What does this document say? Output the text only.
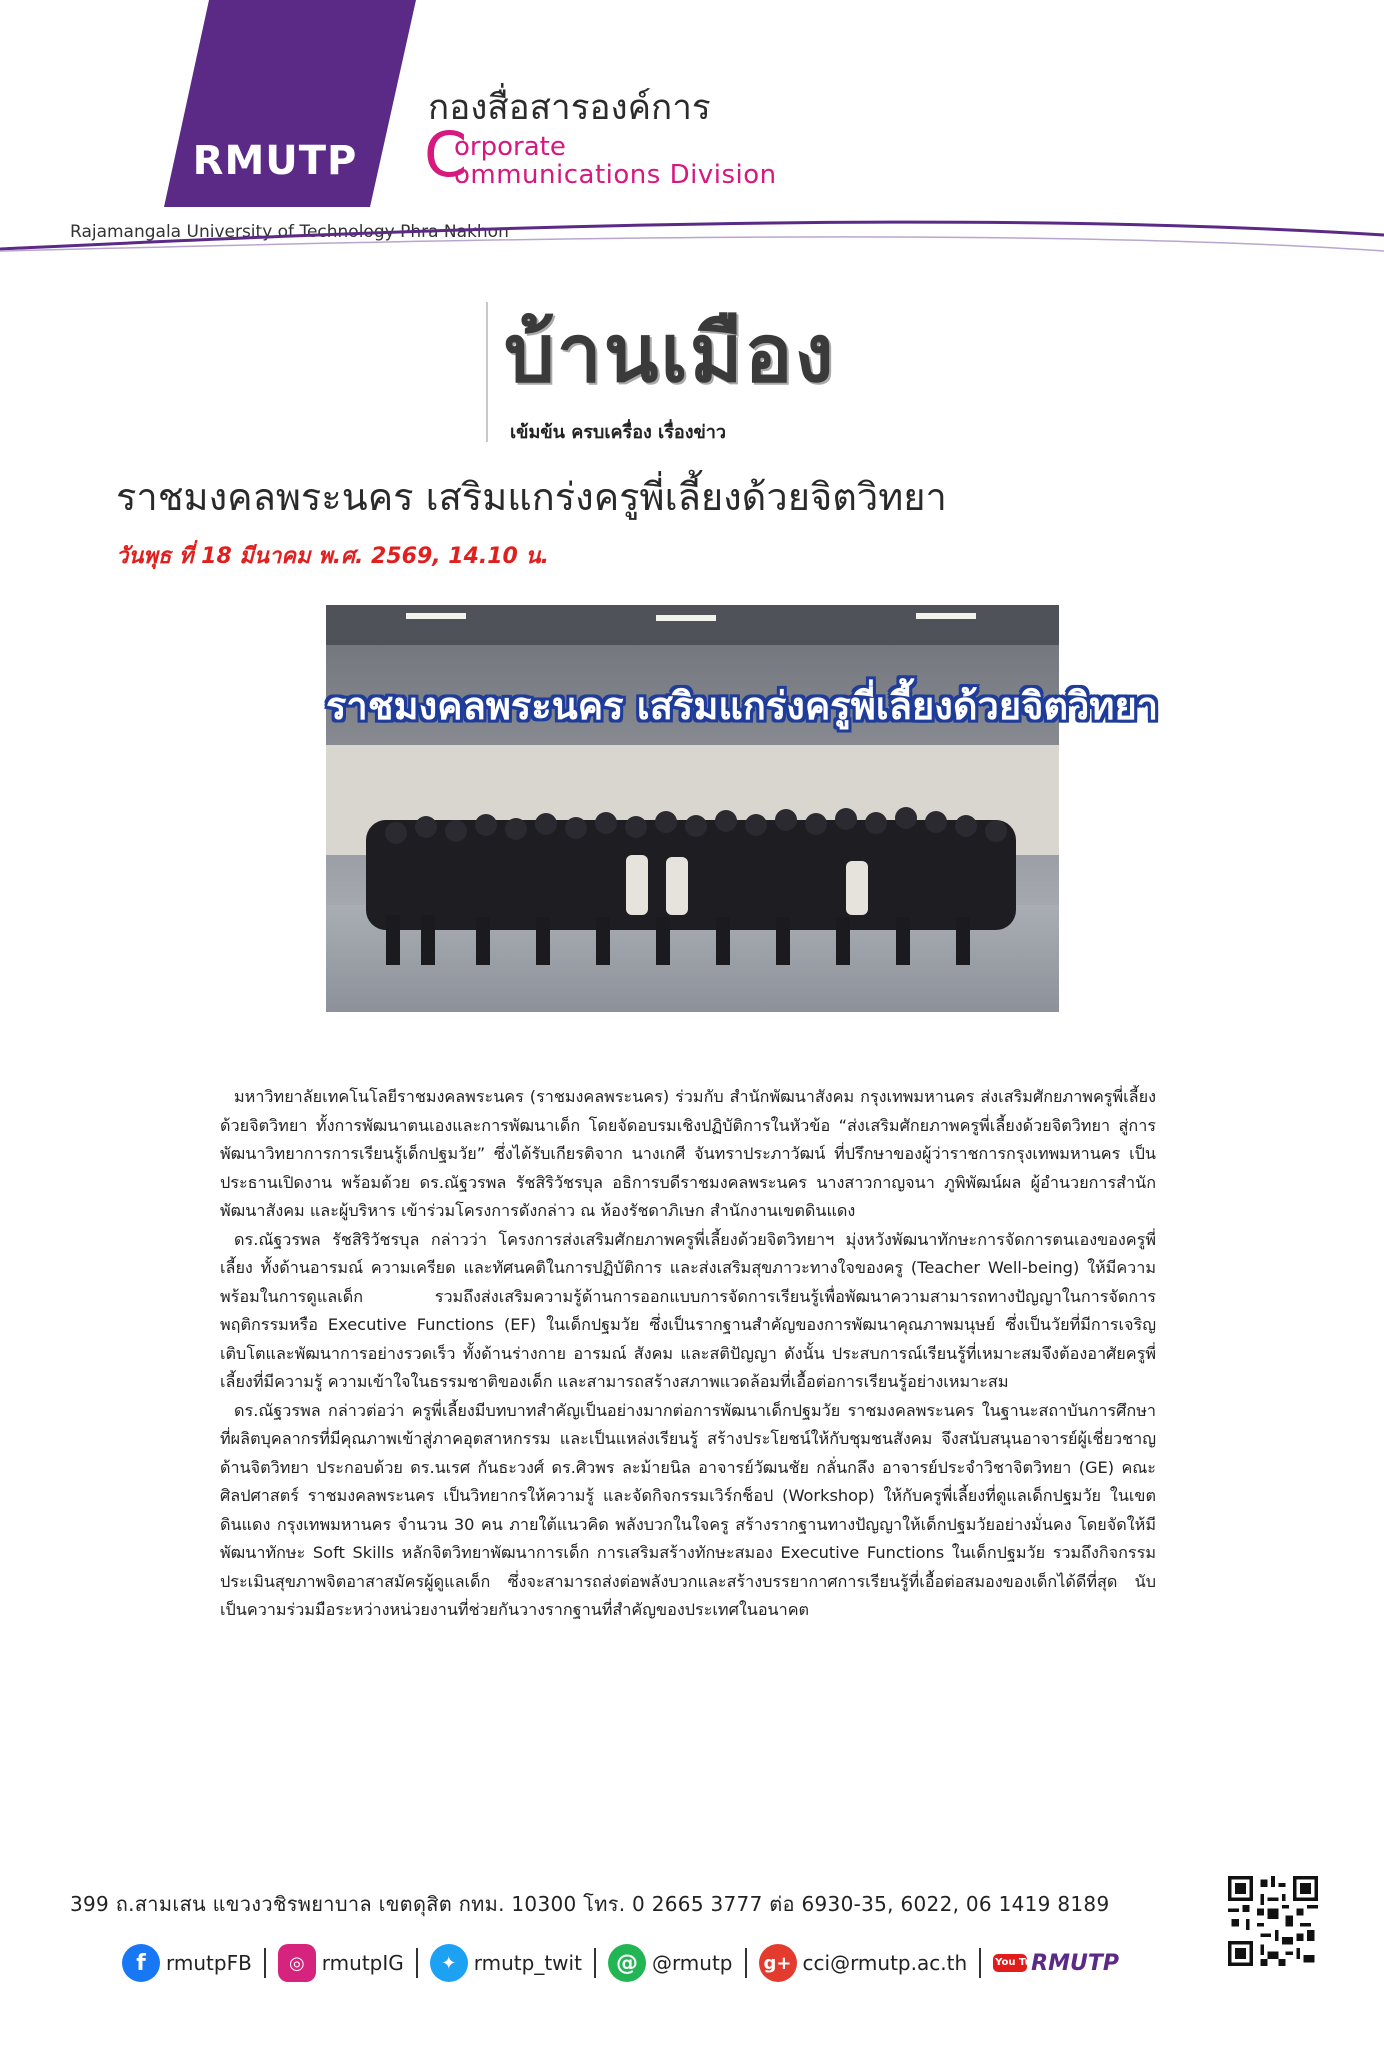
RMUTP
กองสื่อสารองค์การ
C
orporate
ommunications Division
Rajamangala University of Technology Phra Nakhon
บ้านเมือง
เข้มข้น ครบเครื่อง เรื่องข่าว
ราชมงคลพระนคร เสริมแกร่งครูพี่เลี้ยงด้วยจิตวิทยา
วันพุธ ที่ 18 มีนาคม พ.ศ. 2569, 14.10 น.
ราชมงคลพระนคร เสริมแกร่งครูพี่เลี้ยงด้วยจิตวิทยา

มหาวิทยาลัยเทคโนโลยีราชมงคลพระนคร (ราชมงคลพระนคร) ร่วมกับ สำนักพัฒนาสังคม กรุงเทพมหานคร ส่งเสริมศักยภาพครูพี่เลี้ยงด้วยจิตวิทยา ทั้งการพัฒนาตนเองและการพัฒนาเด็ก โดยจัดอบรมเชิงปฏิบัติการในหัวข้อ “ส่งเสริมศักยภาพครูพี่เลี้ยงด้วยจิตวิทยา สู่การพัฒนาวิทยาการการเรียนรู้เด็กปฐมวัย” ซึ่งได้รับเกียรติจาก นางเกศี จันทราประภาวัฒน์ ที่ปรึกษาของผู้ว่าราชการกรุงเทพมหานคร เป็นประธานเปิดงาน พร้อมด้วย ดร.ณัฐวรพล รัชสิริวัชรบุล อธิการบดีราชมงคลพระนคร นางสาวกาญจนา ภูพิพัฒน์ผล ผู้อำนวยการสำนักพัฒนาสังคม และผู้บริหาร เข้าร่วมโครงการดังกล่าว ณ ห้องรัชดาภิเษก สำนักงานเขตดินแดง

ดร.ณัฐวรพล รัชสิริวัชรบุล กล่าวว่า โครงการส่งเสริมศักยภาพครูพี่เลี้ยงด้วยจิตวิทยาฯ มุ่งหวังพัฒนาทักษะการจัดการตนเองของครูพี่เลี้ยง ทั้งด้านอารมณ์ ความเครียด และทัศนคติในการปฏิบัติการ และส่งเสริมสุขภาวะทางใจของครู (Teacher Well-being) ให้มีความพร้อมในการดูแลเด็ก รวมถึงส่งเสริมความรู้ด้านการออกแบบการจัดการเรียนรู้เพื่อพัฒนาความสามารถทางปัญญาในการจัดการพฤติกรรมหรือ Executive Functions (EF) ในเด็กปฐมวัย ซึ่งเป็นรากฐานสำคัญของการพัฒนาคุณภาพมนุษย์ ซึ่งเป็นวัยที่มีการเจริญเติบโตและพัฒนาการอย่างรวดเร็ว ทั้งด้านร่างกาย อารมณ์ สังคม และสติปัญญา ดังนั้น ประสบการณ์เรียนรู้ที่เหมาะสมจึงต้องอาศัยครูพี่เลี้ยงที่มีความรู้ ความเข้าใจในธรรมชาติของเด็ก และสามารถสร้างสภาพแวดล้อมที่เอื้อต่อการเรียนรู้อย่างเหมาะสม

ดร.ณัฐวรพล กล่าวต่อว่า ครูพี่เลี้ยงมีบทบาทสำคัญเป็นอย่างมากต่อการพัฒนาเด็กปฐมวัย ราชมงคลพระนคร ในฐานะสถาบันการศึกษาที่ผลิตบุคลากรที่มีคุณภาพเข้าสู่ภาคอุตสาหกรรม และเป็นแหล่งเรียนรู้ สร้างประโยชน์ให้กับชุมชนสังคม จึงสนับสนุนอาจารย์ผู้เชี่ยวชาญด้านจิตวิทยา ประกอบด้วย ดร.นเรศ กันธะวงศ์ ดร.ศิวพร ละม้ายนิล อาจารย์วัฒนชัย กลั่นกลึง อาจารย์ประจำวิชาจิตวิทยา (GE) คณะศิลปศาสตร์ ราชมงคลพระนคร เป็นวิทยากรให้ความรู้ และจัดกิจกรรมเวิร์กช็อป (Workshop) ให้กับครูพี่เลี้ยงที่ดูแลเด็กปฐมวัย ในเขตดินแดง กรุงเทพมหานคร จำนวน 30 คน ภายใต้แนวคิด พลังบวกในใจครู สร้างรากฐานทางปัญญาให้เด็กปฐมวัยอย่างมั่นคง โดยจัดให้มีพัฒนาทักษะ Soft Skills หลักจิตวิทยาพัฒนาการเด็ก การเสริมสร้างทักษะสมอง Executive Functions ในเด็กปฐมวัย รวมถึงกิจกรรมประเมินสุขภาพจิตอาสาสมัครผู้ดูแลเด็ก ซึ่งจะสามารถส่งต่อพลังบวกและสร้างบรรยากาศการเรียนรู้ที่เอื้อต่อสมองของเด็กได้ดีที่สุด นับเป็นความร่วมมือระหว่างหน่วยงานที่ช่วยกันวางรากฐานที่สำคัญของประเทศในอนาคต

399 ถ.สามเสน แขวงวชิรพยาบาล เขตดุสิต กทม. 10300 โทร. 0 2665 3777 ต่อ 6930-35, 6022, 06 1419 8189
f	rmutpFB	◎ rmutpIG	✦ rmutp_twit	@ @rmutp g+ cci@rmutp.ac.th	You Tube
RMUTP
